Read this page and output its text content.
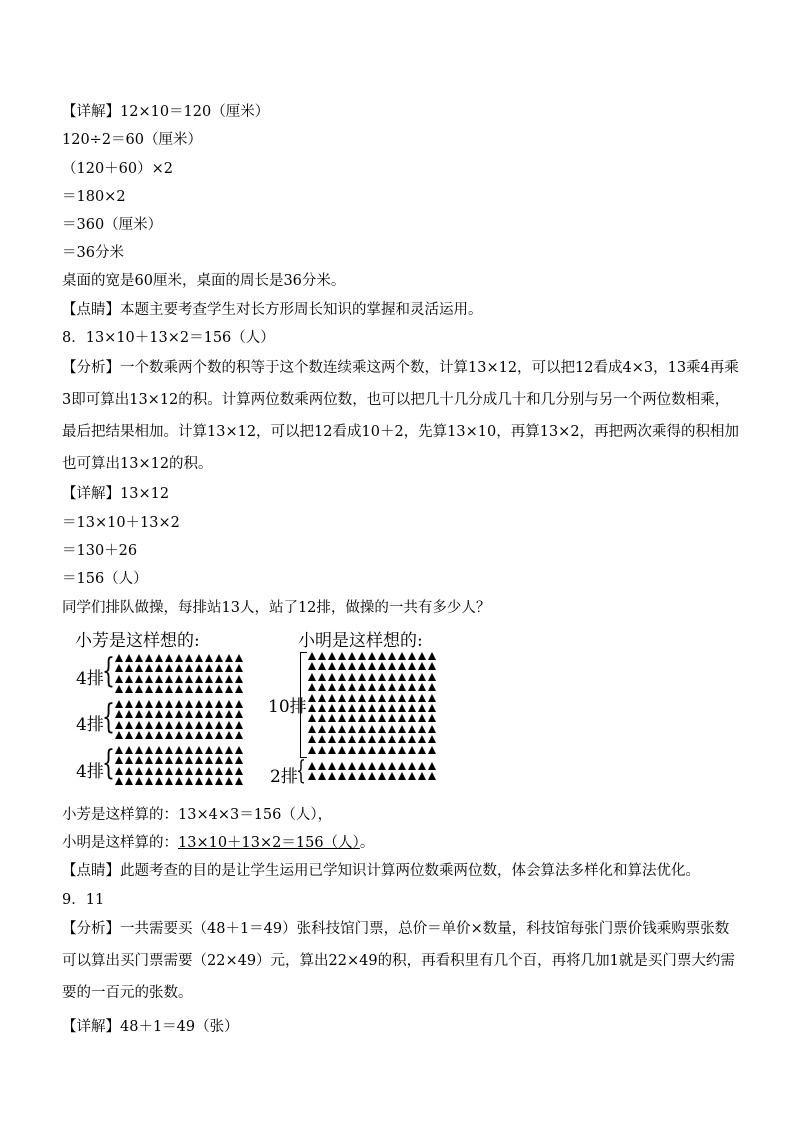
【详解】12×10＝120（厘米）
120÷2＝60（厘米）
（120＋60）×2
＝180×2
＝360（厘米）
＝36分米
桌面的宽是60厘米，桌面的周长是36分米。
【点睛】本题主要考查学生对长方形周长知识的掌握和灵活运用。
8．13×10＋13×2＝156（人）
【分析】一个数乘两个数的积等于这个数连续乘这两个数，计算13×12，可以把12看成4×3，13乘4再乘3即可算出13×12的积。计算两位数乘两位数，也可以把几十几分成几十和几分别与另一个两位数相乘，最后把结果相加。计算13×12，可以把12看成10＋2，先算13×10，再算13×2，再把两次乘得的积相加也可算出13×12的积。
【详解】13×12
＝13×10＋13×2
＝130＋26
＝156（人）
同学们排队做操，每排站13人，站了12排，做操的一共有多少人？
小芳是这样想的:	小明是这样想的:
4排
{
4排
{
4排
{
10排
2排
{
小芳是这样算的：13×4×3＝156（人），
小明是这样算的：13×10＋13×2＝156（人）。
【点睛】此题考查的目的是让学生运用已学知识计算两位数乘两位数，体会算法多样化和算法优化。
9．11
【分析】一共需要买（48＋1＝49）张科技馆门票，总价＝单价×数量，科技馆每张门票价钱乘购票张数可以算出买门票需要（22×49）元，算出22×49的积，再看积里有几个百，再将几加1就是买门票大约需要的一百元的张数。
【详解】48＋1＝49（张）
